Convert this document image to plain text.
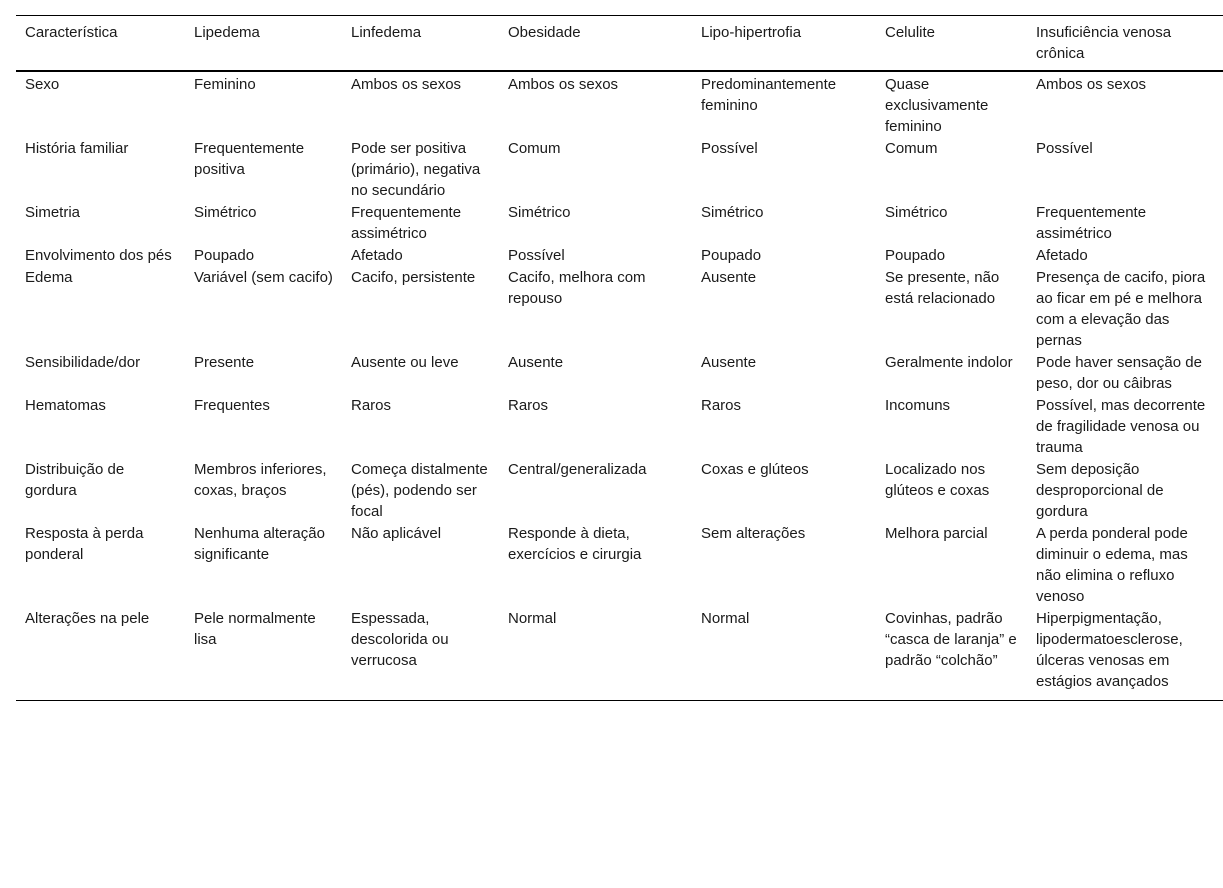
Característica	Lipedema	Linfedema	Obesidade	Lipo-hipertrofia	Celulite	Insuficiência venosa crônica
Sexo	Feminino	Ambos os sexos	Ambos os sexos	Predominantemente feminino	Quase exclusivamente feminino	Ambos os sexos
História familiar	Frequentemente positiva	Pode ser positiva (primário), negativa no secundário	Comum	Possível	Comum	Possível
Simetria	Simétrico	Frequentemente assimétrico	Simétrico	Simétrico	Simétrico	Frequentemente assimétrico
Envolvimento dos pés	Poupado	Afetado	Possível	Poupado	Poupado	Afetado
Edema	Variável (sem cacifo)	Cacifo, persistente	Cacifo, melhora com repouso	Ausente	Se presente, não está relacionado	Presença de cacifo, piora ao ficar em pé e melhora com a elevação das pernas
Sensibilidade/dor	Presente	Ausente ou leve	Ausente	Ausente	Geralmente indolor	Pode haver sensação de peso, dor ou câibras
Hematomas	Frequentes	Raros	Raros	Raros	Incomuns	Possível, mas decorrente de fragilidade venosa ou trauma
Distribuição de gordura	Membros inferiores, coxas, braços	Começa distalmente (pés), podendo ser focal	Central/generalizada	Coxas e glúteos	Localizado nos glúteos e coxas	Sem deposição desproporcional de gordura
Resposta à perda ponderal	Nenhuma alteração significante	Não aplicável	Responde à dieta, exercícios e cirurgia	Sem alterações	Melhora parcial	A perda ponderal pode diminuir o edema, mas não elimina o refluxo venoso
Alterações na pele	Pele normalmente lisa	Espessada, descolorida ou verrucosa	Normal	Normal	Covinhas, padrão “casca de laranja” e padrão “colchão”	Hiperpigmentação, lipodermatoesclerose, úlceras venosas em estágios avançados
